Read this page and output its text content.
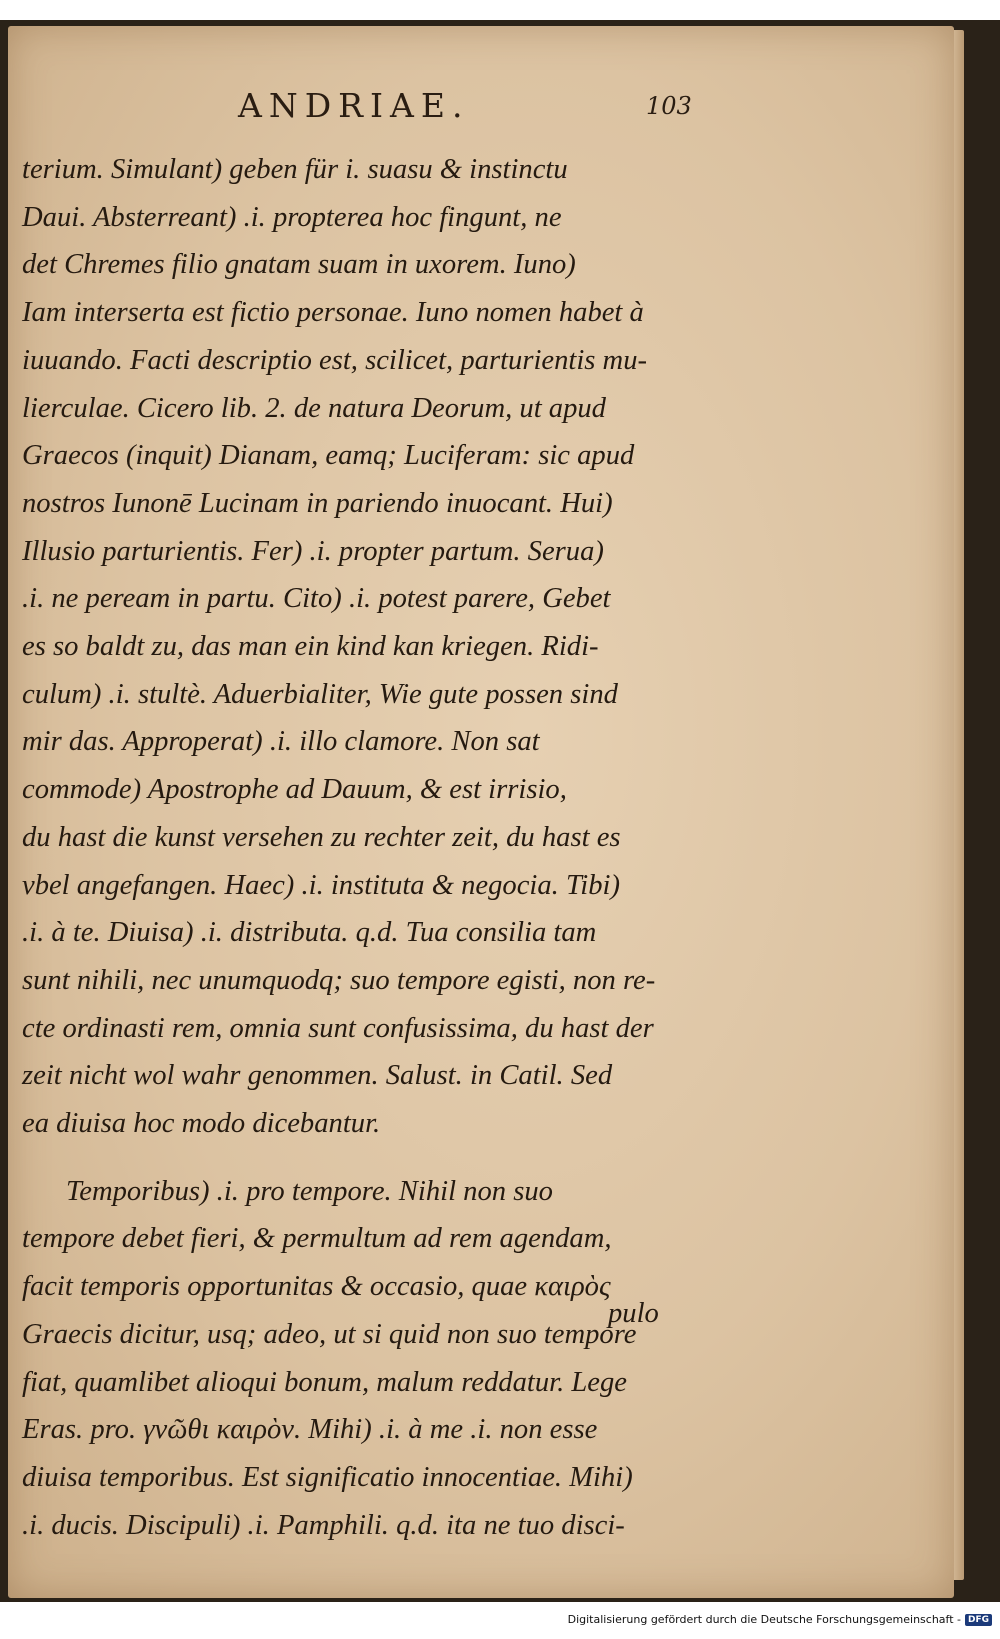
ANDRIAE.	103
terium. Simulant) geben für i. suasu & instinctu
Daui. Absterreant) .i. propterea hoc fingunt, ne
det Chremes filio gnatam suam in uxorem. Iuno)
Iam interserta est fictio personae. Iuno nomen habet à
iuuando. Facti descriptio est, scilicet, parturientis mu-
lierculae. Cicero lib. 2. de natura Deorum, ut apud
Graecos (inquit) Dianam, eamq; Luciferam: sic apud
nostros Iunonē Lucinam in pariendo inuocant. Hui)
Illusio parturientis. Fer) .i. propter partum. Serua)
.i. ne peream in partu. Cito) .i. potest parere, Gebet
es so baldt zu, das man ein kind kan kriegen. Ridi-
culum) .i. stultè. Aduerbialiter, Wie gute possen sind
mir das. Approperat) .i. illo clamore. Non sat
commode) Apostrophe ad Dauum, & est irrisio,
du hast die kunst versehen zu rechter zeit, du hast es
vbel angefangen. Haec) .i. instituta & negocia. Tibi)
.i. à te. Diuisa) .i. distributa. q.d. Tua consilia tam
sunt nihili, nec unumquodq; suo tempore egisti, non re-
cte ordinasti rem, omnia sunt confusissima, du hast der
zeit nicht wol wahr genommen. Salust. in Catil. Sed
ea diuisa hoc modo dicebantur.
Temporibus) .i. pro tempore. Nihil non suo
tempore debet fieri, & permultum ad rem agendam,
facit temporis opportunitas & occasio, quae καιρὸς
Graecis dicitur, usq; adeo, ut si quid non suo tempore
fiat, quamlibet alioqui bonum, malum reddatur. Lege
Eras. pro. γνῶθι καιρὸν. Mihi) .i. à me .i. non esse
diuisa temporibus. Est significatio innocentiae. Mihi)
.i. ducis. Discipuli) .i. Pamphili. q.d. ita ne tuo disci-
pulo
Digitalisierung gefördert durch die Deutsche Forschungsgemeinschaft - DFG
